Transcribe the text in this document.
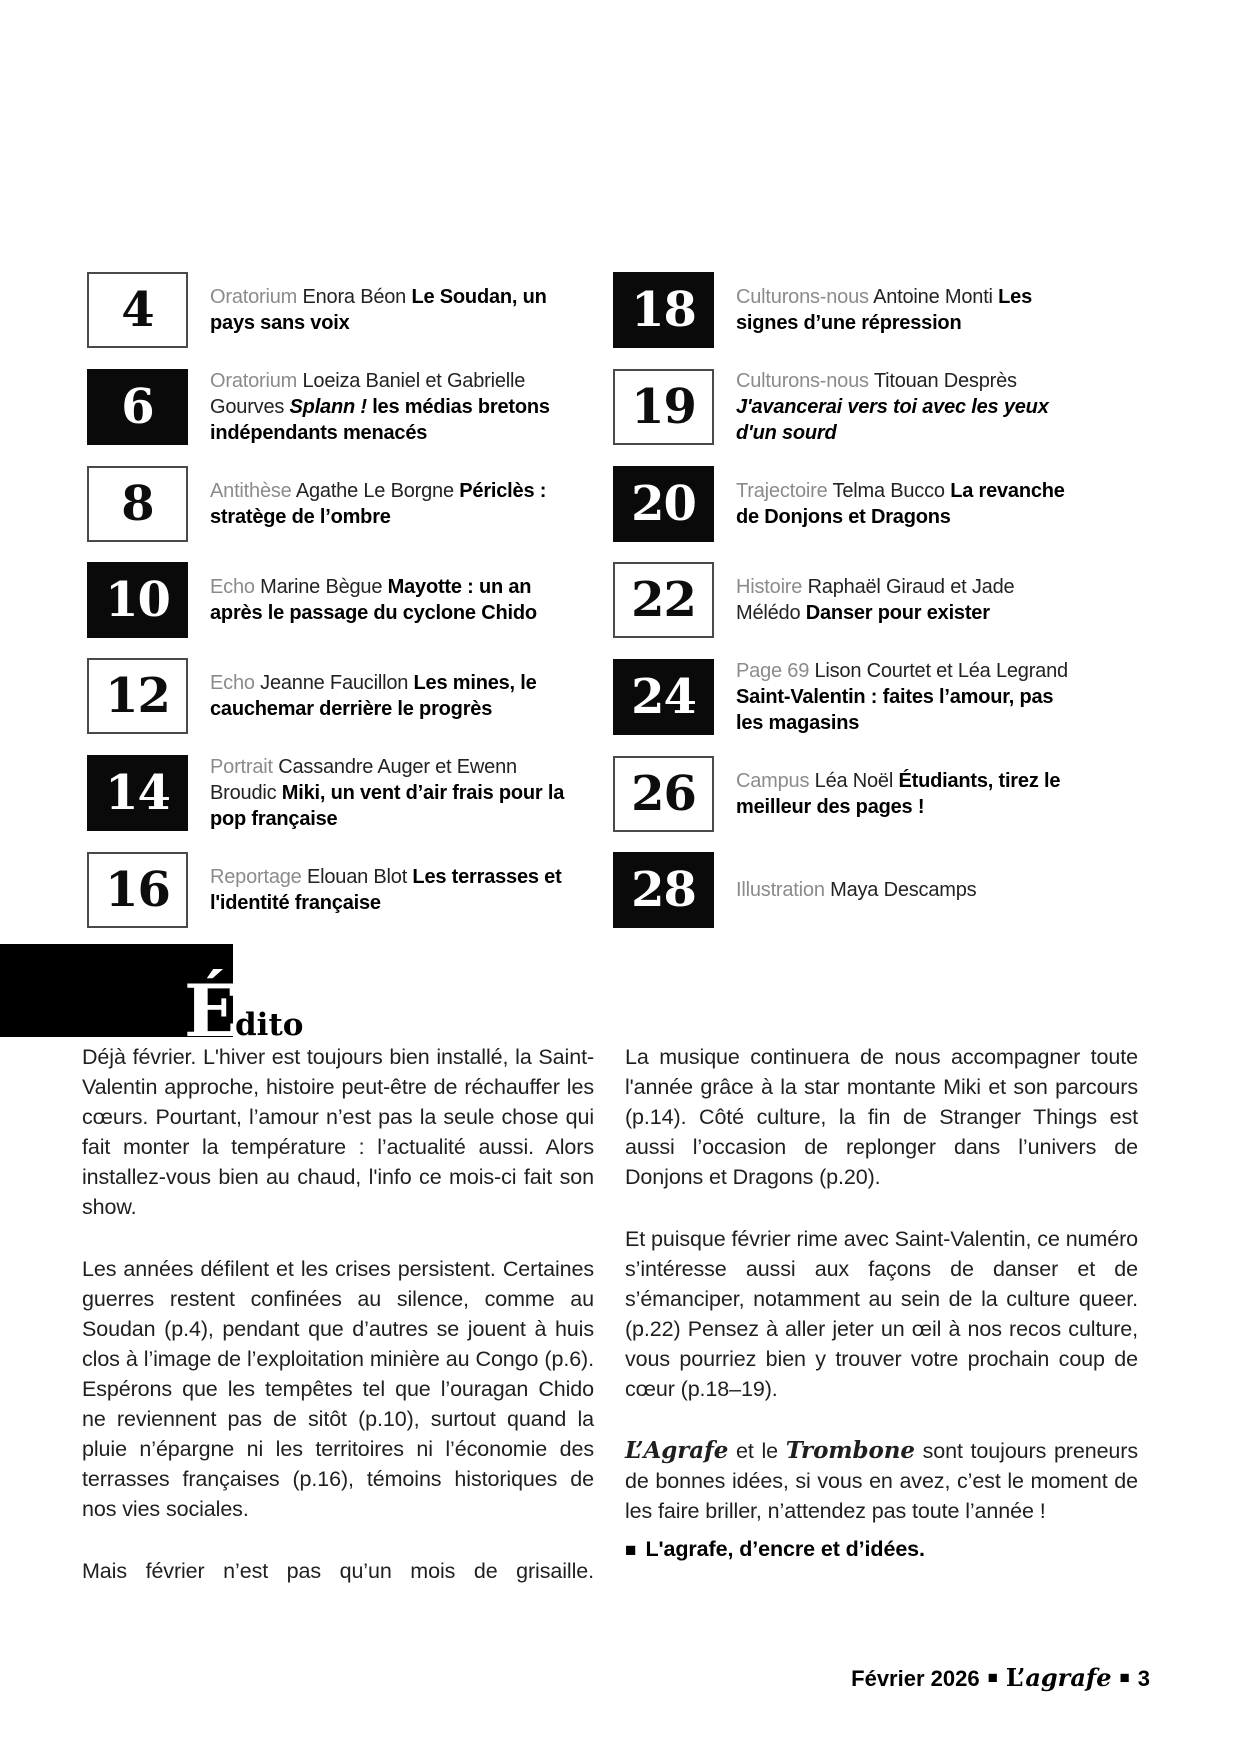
4	Oratorium Enora Béon Le Soudan, un pays sans voix
6	Oratorium Loeiza Baniel et Gabrielle Gourves Splann ! les médias bretons indépendants menacés
8	Antithèse Agathe Le Borgne Périclès : stratège de l’ombre
10	Echo Marine Bègue Mayotte : un an après le passage du cyclone Chido
12	Echo Jeanne Faucillon Les mines, le cauchemar derrière le progrès
14	Portrait Cassandre Auger et Ewenn Broudic Miki, un vent d’air frais pour la pop française
16	Reportage Elouan Blot Les terrasses et l'identité française
18	Culturons-nous Antoine Monti Les signes d’une répression
19	Culturons-nous Titouan Desprès J'avancerai vers toi avec les yeux d'un sourd
20	Trajectoire Telma Bucco La revanche de Donjons et Dragons
22	Histoire Raphaël Giraud et Jade Mélédo Danser pour exister
24	Page 69 Lison Courtet et Léa Legrand Saint-Valentin : faites l’amour, pas les magasins
26	Campus Léa Noël Étudiants, tirez le meilleur des pages !
28	Illustration Maya Descamps
É
dito

Déjà février. L'hiver est toujours bien installé, la Saint-Valentin approche, histoire peut-être de réchauffer les cœurs. Pourtant, l’amour n’est pas la seule chose qui fait monter la température : l’actualité aussi. Alors installez-vous bien au chaud, l'info ce mois-ci fait son show.

Les années défilent et les crises persistent. Certaines guerres restent confinées au silence, comme au Soudan (p.4), pendant que d’autres se jouent à huis clos à l’image de l’exploitation minière au Congo (p.6). Espérons que les tempêtes tel que l’ouragan Chido ne reviennent pas de sitôt (p.10), surtout quand la pluie n’épargne ni les territoires ni l’économie des terrasses françaises (p.16), témoins historiques de nos vies sociales.

Mais février n’est pas qu’un mois de grisaille.

La musique continuera de nous accompagner toute l'année grâce à la star montante Miki et son parcours (p.14). Côté culture, la fin de Stranger Things est aussi l’occasion de replonger dans l’univers de Donjons et Dragons (p.20).

Et puisque février rime avec Saint-Valentin, ce numéro s’intéresse aussi aux façons de danser et de s’émanciper, notamment au sein de la culture queer. (p.22) Pensez à aller jeter un œil à nos recos culture, vous pourriez bien y trouver votre prochain coup de cœur (p.18–19).

L’Agrafe et le Trombone sont toujours preneurs de bonnes idées, si vous en avez, c’est le moment de les faire briller, n’attendez pas toute l’année !

■ L'agrafe, d’encre et d’idées.

Février 2026 ■ L’ agrafe ■ 3
